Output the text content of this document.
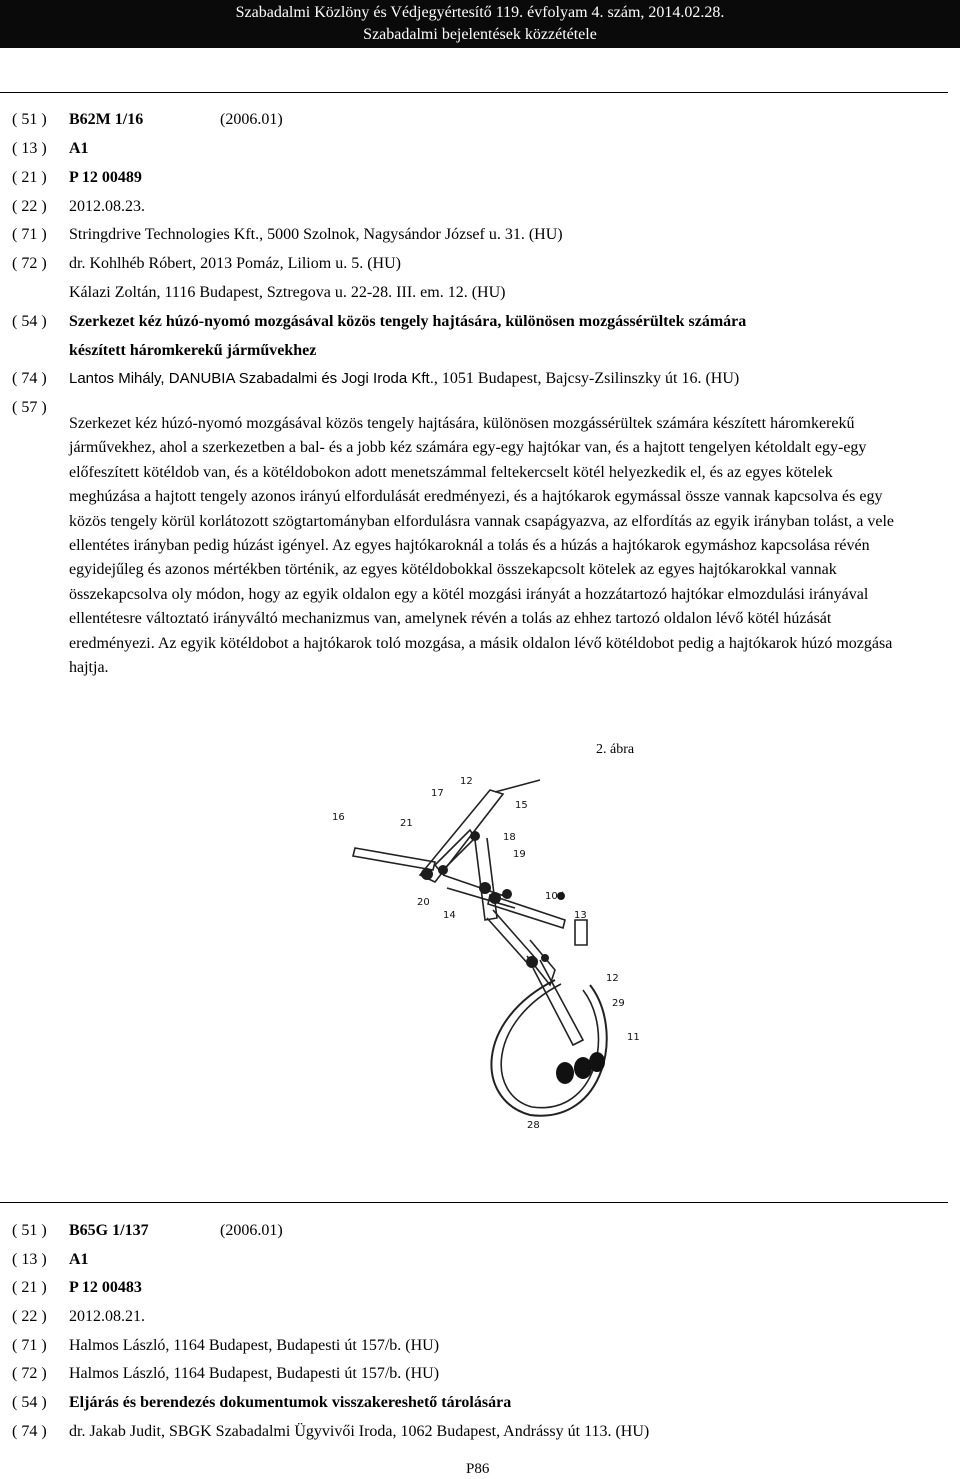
Szabadalmi Közlöny és Védjegyértesítő 119. évfolyam 4. szám, 2014.02.28.
Szabadalmi bejelentések közzététele
( 51 ) B62M 1/16	(2006.01)
( 13 ) A1
( 21 ) P 12 00489
( 22 ) 2012.08.23.
( 71 ) Stringdrive Technologies Kft., 5000 Szolnok, Nagysándor József u. 31. (HU)
( 72 ) dr. Kohlhéb Róbert, 2013 Pomáz, Liliom u. 5. (HU)
Kálazi Zoltán, 1116 Budapest, Sztregova u. 22-28. III. em. 12. (HU)
( 54 ) Szerkezet kéz húzó-nyomó mozgásával közös tengely hajtására, különösen mozgássérültek számára
készített háromkerekű járművekhez
( 74 ) Lantos Mihály, DANUBIA Szabadalmi és Jogi Iroda Kft., 1051 Budapest, Bajcsy-Zsilinszky út 16. (HU)
( 57 )
Szerkezet kéz húzó-nyomó mozgásával közös tengely hajtására, különösen mozgássérültek számára készített háromkerekű járművekhez, ahol a szerkezetben a bal- és a jobb kéz számára egy-egy hajtókar van, és a hajtott tengelyen kétoldalt egy-egy előfeszített kötéldob van, és a kötéldobokon adott menetszámmal feltekercselt kötél helyezkedik el, és az egyes kötelek meghúzása a hajtott tengely azonos irányú elfordulását eredményezi, és a hajtókarok egymással össze vannak kapcsolva és egy közös tengely körül korlátozott szögtartományban elfordulásra vannak csapágyazva, az elfordítás az egyik irányban tolást, a vele ellentétes irányban pedig húzást igényel. Az egyes hajtókaroknál a tolás és a húzás a hajtókarok egymáshoz kapcsolása révén egyidejűleg és azonos mértékben történik, az egyes kötéldobokkal összekapcsolt kötelek az egyes hajtókarokkal vannak összekapcsolva oly módon, hogy az egyik oldalon egy a kötél mozgási irányát a hozzátartozó hajtókar elmozdulási irányával ellentétesre változtató irányváltó mechanizmus van, amelynek révén a tolás az ehhez tartozó oldalon lévő kötél húzását eredményezi. Az egyik kötéldobot a hajtókarok toló mozgása, a másik oldalon lévő kötéldobot pedig a hajtókarok húzó mozgása hajtja.
2. ábra
12
17
15
16
21
18
19
20
14
10d
13
12
29
11
28
( 51 ) B65G 1/137	(2006.01)
( 13 ) A1
( 21 ) P 12 00483
( 22 ) 2012.08.21.
( 71 ) Halmos László, 1164 Budapest, Budapesti út 157/b. (HU)
( 72 ) Halmos László, 1164 Budapest, Budapesti út 157/b. (HU)
( 54 ) Eljárás és berendezés dokumentumok visszakereshető tárolására
( 74 ) dr. Jakab Judit, SBGK Szabadalmi Ügyvivői Iroda, 1062 Budapest, Andrássy út 113. (HU)
P86
